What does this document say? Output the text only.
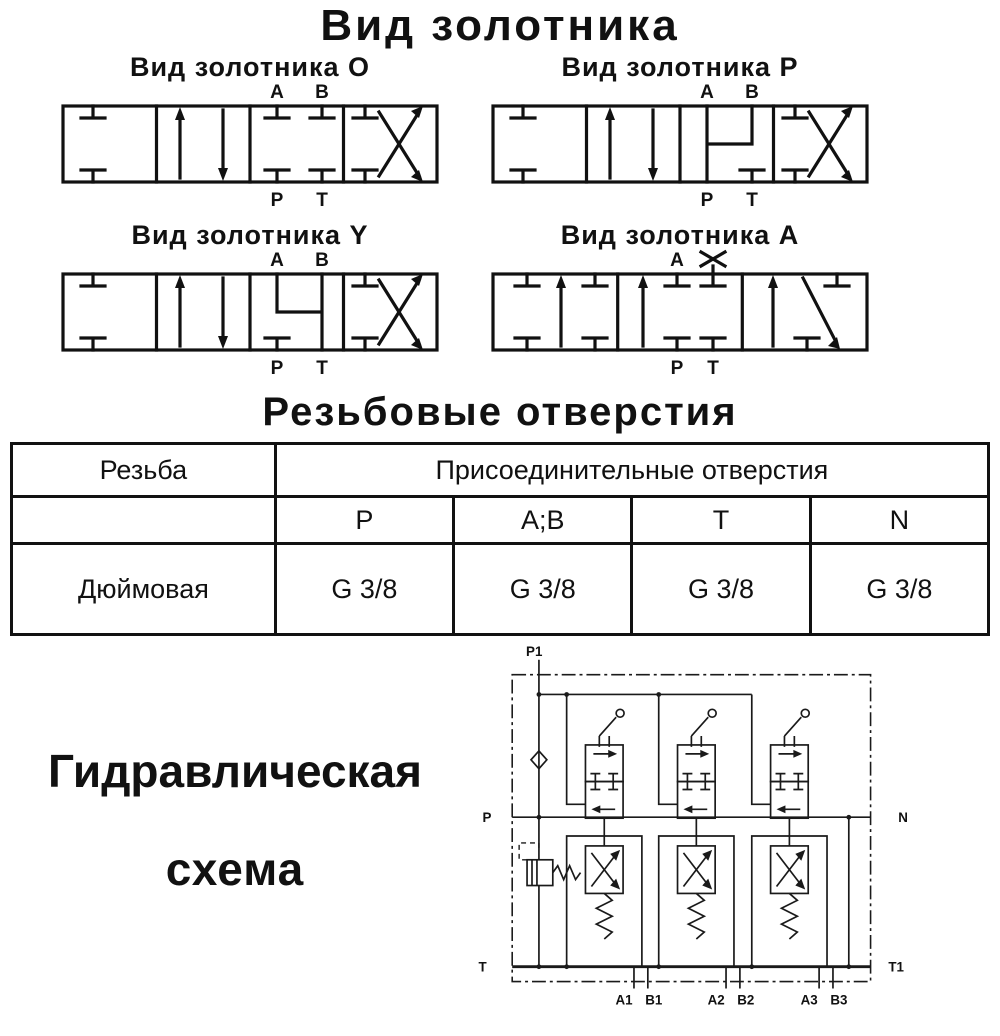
Вид золотника
Вид золотника O
A B
P T
Вид золотника P
A B
P T
Вид золотника Y
A B
P T
Вид золотника A
A
P T
Резьбовые отверстия
Резьба	Присоединительные отверстия			
	P	A;B	T	N
Дюймовая	G 3/8	G 3/8	G 3/8	G 3/8
Гидравлическая
схема
P1
P	N
T	T1
A1 B1	A2 B2	A3 B3
